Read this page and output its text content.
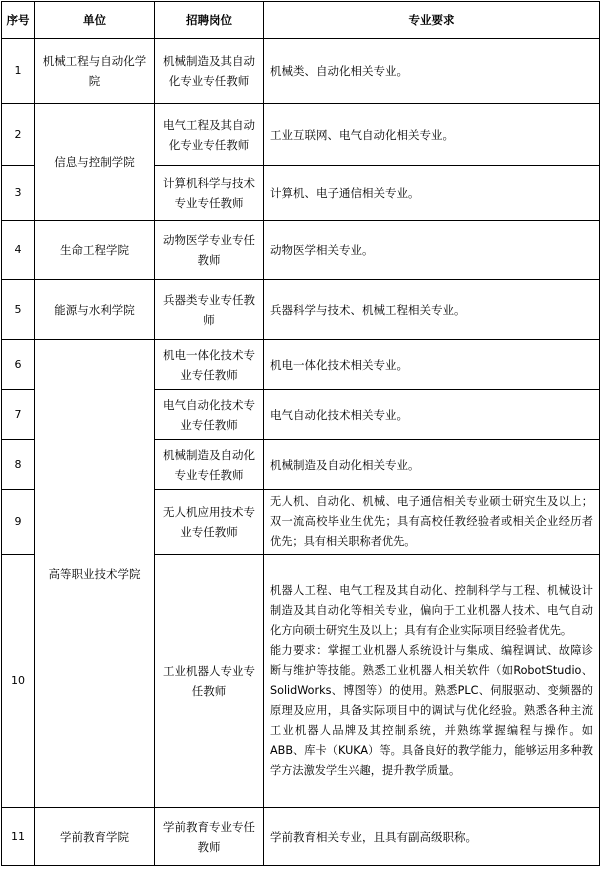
序号	单位	招聘岗位	专业要求
1	机械工程与自动化学院	机械制造及其自动化专业专任教师	机械类、自动化相关专业。
2	信息与控制学院	电气工程及其自动化专业专任教师	工业互联网、电气自动化相关专业。
3		计算机科学与技术专业专任教师	计算机、电子通信相关专业。
4	生命工程学院	动物医学专业专任教师	动物医学相关专业。
5	能源与水利学院	兵器类专业专任教师	兵器科学与技术、机械工程相关专业。
6	高等职业技术学院	机电一体化技术专业专任教师	机电一体化技术相关专业。
7		电气自动化技术专业专任教师	电气自动化技术相关专业。
8		机械制造及自动化专业专任教师	机械制造及自动化相关专业。
9		无人机应用技术专业专任教师	无人机、自动化、机械、电子通信相关专业硕士研究生及以上；双一流高校毕业生优先；具有高校任教经验者或相关企业经历者优先；具有相关职称者优先。
10		工业机器人专业专任教师	机器人工程、电气工程及其自动化、控制科学与工程、机械设计制造及其自动化等相关专业，偏向于工业机器人技术、电气自动化方向硕士研究生及以上；具有有企业实际项目经验者优先。

能力要求：掌握工业机器人系统设计与集成、编程调试、故障诊断与维护等技能。熟悉工业机器人相关软件（如RobotStudio、SolidWorks、博图等）的使用。熟悉PLC、伺服驱动、变频器的原理及应用，具备实际项目中的调试与优化经验。熟悉各种主流工业机器人品牌及其控制系统，并熟练掌握编程与操作。如ABB、库卡（KUKA）等。具备良好的教学能力，能够运用多种教学方法激发学生兴趣，提升教学质量。

11	学前教育学院	学前教育专业专任教师	学前教育相关专业，且具有副高级职称。
